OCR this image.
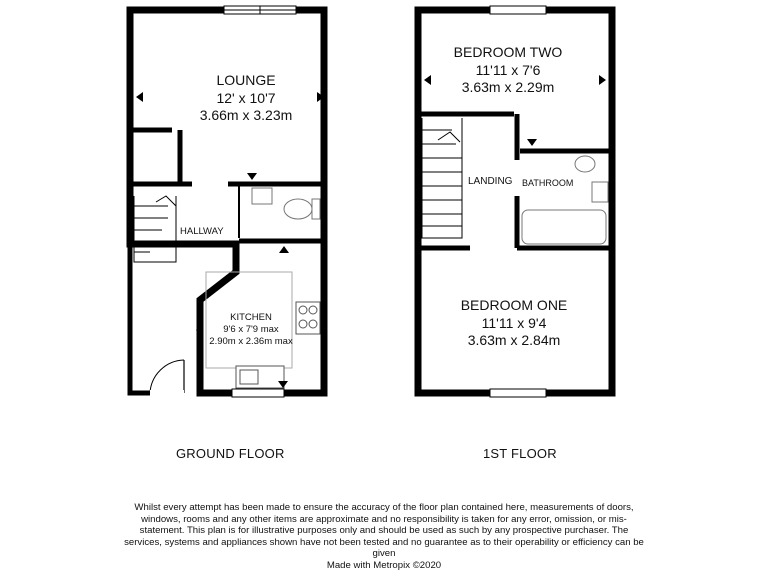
LOUNGE
12' x 10'7
3.66m x 3.23m
HALLWAY
KITCHEN
9'6 x 7'9 max
2.90m x 2.36m max
BEDROOM TWO
11'11 x 7'6
3.63m x 2.29m
LANDING BATHROOM
BEDROOM ONE
11'11 x 9'4
3.63m x 2.84m
GROUND FLOOR	1ST FLOOR
Whilst every attempt has been made to ensure the accuracy of the floor plan contained here, measurements of doors, windows, rooms and any other items are approximate and no responsibility is taken for any error, omission, or mis-statement. This plan is for illustrative purposes only and should be used as such by any prospective purchaser. The services, systems and appliances shown have not been tested and no guarantee as to their operability or efficiency can be given
Made with Metropix ©2020
